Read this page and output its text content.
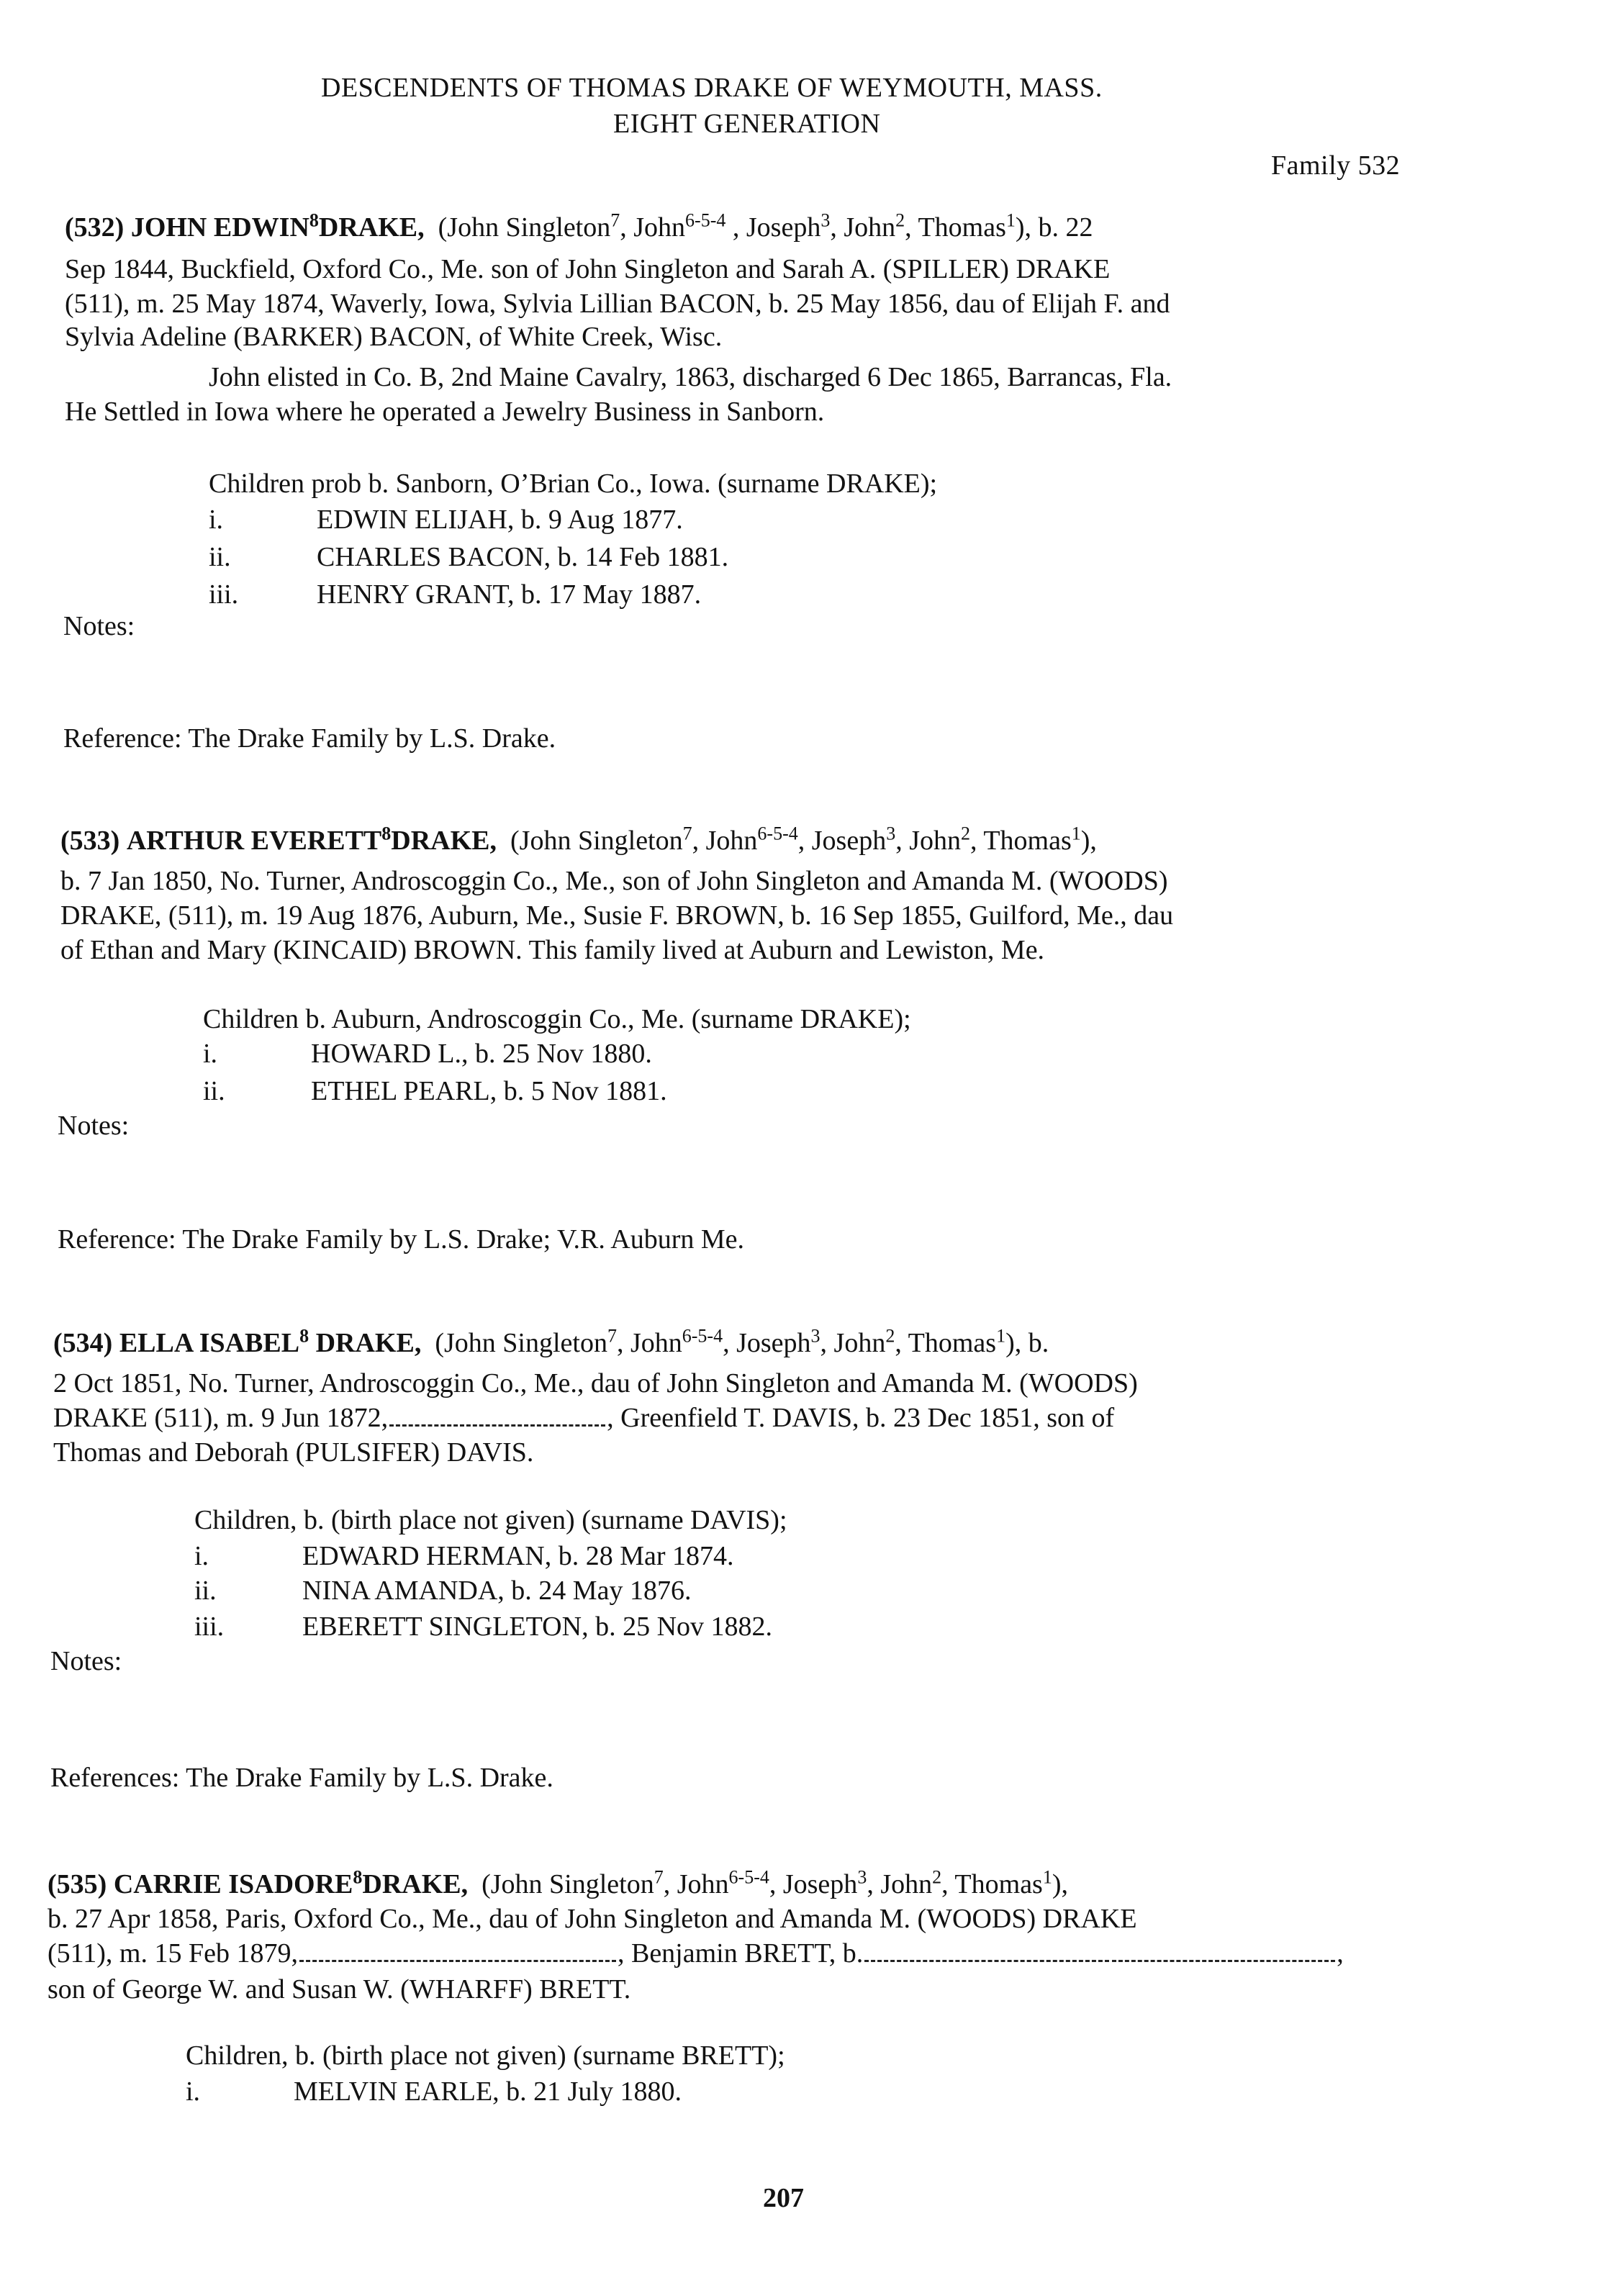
DESCENDENTS OF THOMAS DRAKE OF WEYMOUTH, MASS.
EIGHT GENERATION
Family 532
(532) JOHN EDWIN$^8$DRAKE, (John Singleton$^7$, John$^{6-5-4}$ , Joseph$^3$, John$^2$, Thomas$^1$), b. 22
Sep 1844, Buckfield, Oxford Co., Me. son of John Singleton and Sarah A. (SPILLER) DRAKE
(511), m. 25 May 1874, Waverly, Iowa, Sylvia Lillian BACON, b. 25 May 1856, dau of Elijah F. and
Sylvia Adeline (BARKER) BACON, of White Creek, Wisc.
John elisted in Co. B, 2nd Maine Cavalry, 1863, discharged 6 Dec 1865, Barrancas, Fla.
He Settled in Iowa where he operated a Jewelry Business in Sanborn.
Children prob b. Sanborn, O’Brian Co., Iowa. (surname DRAKE);
i.	EDWIN ELIJAH, b. 9 Aug 1877.
ii.	CHARLES BACON, b. 14 Feb 1881.
iii.	HENRY GRANT, b. 17 May 1887.
Notes:
Reference: The Drake Family by L.S. Drake.
(533) ARTHUR EVERETT$^8$DRAKE, (John Singleton$^7$, John$^{6-5-4}$, Joseph$^3$, John$^2$, Thomas$^1$),
b. 7 Jan 1850, No. Turner, Androscoggin Co., Me., son of John Singleton and Amanda M. (WOODS)
DRAKE, (511), m. 19 Aug 1876, Auburn, Me., Susie F. BROWN, b. 16 Sep 1855, Guilford, Me., dau
of Ethan and Mary (KINCAID) BROWN. This family lived at Auburn and Lewiston, Me.
Children b. Auburn, Androscoggin Co., Me. (surname DRAKE);
i.	HOWARD L., b. 25 Nov 1880.
ii.	ETHEL PEARL, b. 5 Nov 1881.
Notes:
Reference: The Drake Family by L.S. Drake; V.R. Auburn Me.
(534) ELLA ISABEL$^8$ DRAKE, (John Singleton$^7$, John$^{6-5-4}$, Joseph$^3$, John$^2$, Thomas$^1$), b.
2 Oct 1851, No. Turner, Androscoggin Co., Me., dau of John Singleton and Amanda M. (WOODS)
DRAKE (511), m. 9 Jun 1872,	, Greenfield T. DAVIS, b. 23 Dec 1851, son of
Thomas and Deborah (PULSIFER) DAVIS.
Children, b. (birth place not given) (surname DAVIS);
i.	EDWARD HERMAN, b. 28 Mar 1874.
ii.	NINA AMANDA, b. 24 May 1876.
iii.	EBERETT SINGLETON, b. 25 Nov 1882.
Notes:
References: The Drake Family by L.S. Drake.
(535) CARRIE ISADORE$^8$DRAKE, (John Singleton$^7$, John$^{6-5-4}$, Joseph$^3$, John$^2$, Thomas$^1$),
b. 27 Apr 1858, Paris, Oxford Co., Me., dau of John Singleton and Amanda M. (WOODS) DRAKE
(511), m. 15 Feb 1879,	, Benjamin BRETT, b.	,
son of George W. and Susan W. (WHARFF) BRETT.
Children, b. (birth place not given) (surname BRETT);
i.	MELVIN EARLE, b. 21 July 1880.
207
